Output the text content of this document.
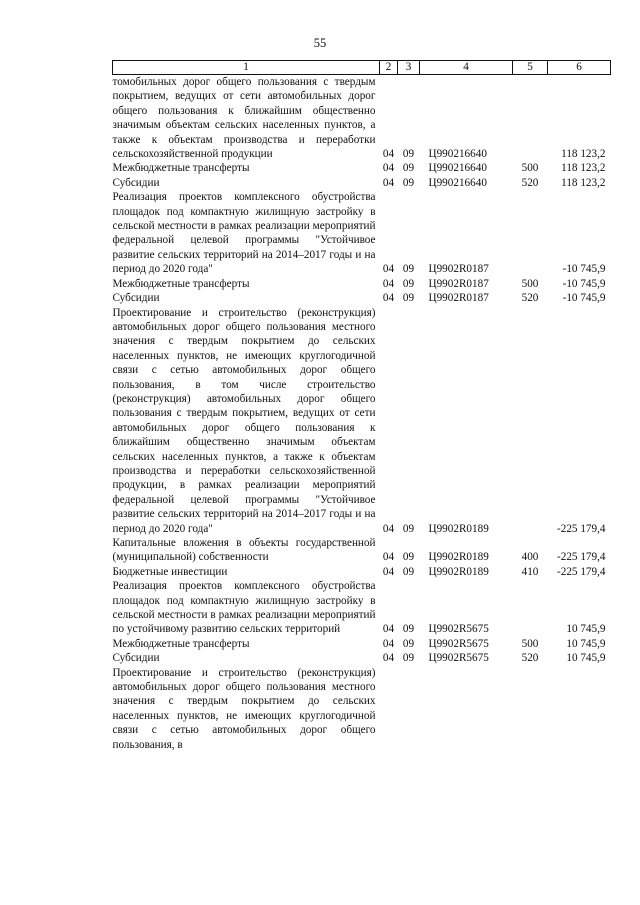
55
1	2	3	4	5	6
томобильных дорог общего пользования с твердым покрытием, ведущих от сети автомобильных дорог общего пользования к ближайшим общественно значимым объектам сельских населенных пунктов, а также к объектам производства и переработки сельскохозяйственной продукции	04	09	Ц990216640		118 123,2
Межбюджетные трансферты	04	09	Ц990216640	500	118 123,2
Субсидии	04	09	Ц990216640	520	118 123,2
Реализация проектов комплексного обустройства площадок под компактную жилищную застройку в сельской местности в рамках реализации мероприятий федеральной целевой программы "Устойчивое развитие сельских территорий на 2014–2017 годы и на период до 2020 года"	04	09	Ц9902R0187		-10 745,9
Межбюджетные трансферты	04	09	Ц9902R0187	500	-10 745,9
Субсидии	04	09	Ц9902R0187	520	-10 745,9
Проектирование и строительство (реконструкция) автомобильных дорог общего пользования местного значения с твердым покрытием до сельских населенных пунктов, не имеющих круглогодичной связи с сетью автомобильных дорог общего пользования, в том числе строительство (реконструкция) автомобильных дорог общего пользования с твердым покрытием, ведущих от сети автомобильных дорог общего пользования к ближайшим общественно значимым объектам сельских населенных пунктов, а также к объектам производства и переработки сельскохозяйственной продукции, в рамках реализации мероприятий федеральной целевой программы "Устойчивое развитие сельских территорий на 2014–2017 годы и на период до 2020 года"	04	09	Ц9902R0189		-225 179,4
Капитальные вложения в объекты государственной (муниципальной) собственности	04	09	Ц9902R0189	400	-225 179,4
Бюджетные инвестиции	04	09	Ц9902R0189	410	-225 179,4
Реализация проектов комплексного обустройства площадок под компактную жилищную застройку в сельской местности в рамках реализации мероприятий по устойчивому развитию сельских территорий	04	09	Ц9902R5675		10 745,9
Межбюджетные трансферты	04	09	Ц9902R5675	500	10 745,9
Субсидии	04	09	Ц9902R5675	520	10 745,9
Проектирование и строительство (реконструкция) автомобильных дорог общего пользования местного значения с твердым покрытием до сельских населенных пунктов, не имеющих круглогодичной связи с сетью автомобильных дорог общего пользования, в					
